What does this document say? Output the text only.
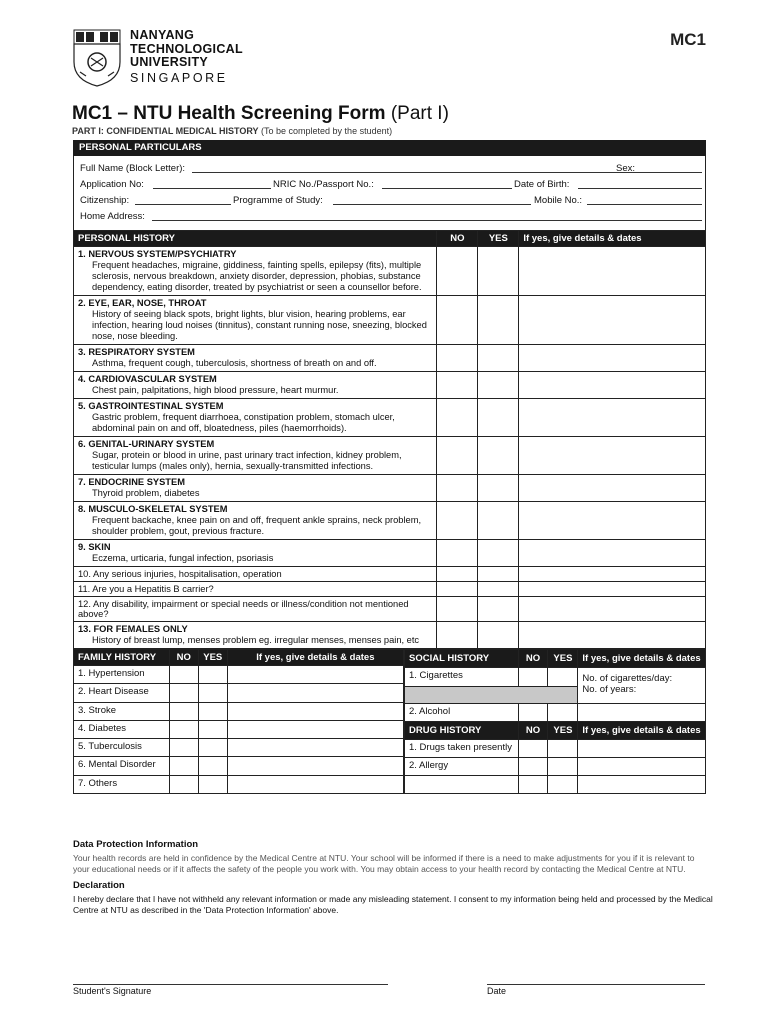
MC1
NANYANG
TECHNOLOGICAL
UNIVERSITY
SINGAPORE
MC1 – NTU Health Screening Form (Part I)
PART I: CONFIDENTIAL MEDICAL HISTORY (To be completed by the student)
PERSONAL PARTICULARS
Full Name (Block Letter):	Sex:
Application No:	NRIC No./Passport No.:	Date of Birth:
Citizenship:	Programme of Study:	Mobile No.:
Home Address:
PERSONAL HISTORY	NO	YES	If yes, give details & dates
1. NERVOUS SYSTEM/PSYCHIATRY
Frequent headaches, migraine, giddiness, fainting spells, epilepsy (fits), multiple sclerosis, nervous breakdown, anxiety disorder, depression, phobias, substance dependency, eating disorder, treated by psychiatrist or seen a counsellor before.			

2. EYE, EAR, NOSE, THROAT
History of seeing black spots, bright lights, blur vision, hearing problems, ear infection, hearing loud noises (tinnitus), constant running nose, sneezing, blocked nose, nose bleeding.			

3. RESPIRATORY SYSTEM
Asthma, frequent cough, tuberculosis, shortness of breath on and off.			

4. CARDIOVASCULAR SYSTEM
Chest pain, palpitations, high blood pressure, heart murmur.			

5. GASTROINTESTINAL SYSTEM
Gastric problem, frequent diarrhoea, constipation problem, stomach ulcer, abdominal pain on and off, bloatedness, piles (haemorrhoids).			

6. GENITAL-URINARY SYSTEM
Sugar, protein or blood in urine, past urinary tract infection, kidney problem, testicular lumps (males only), hernia, sexually-transmitted infections.			

7. ENDOCRINE SYSTEM
Thyroid problem, diabetes			

8. MUSCULO-SKELETAL SYSTEM
Frequent backache, knee pain on and off, frequent ankle sprains, neck problem, shoulder problem, gout, previous fracture.			

9. SKIN
Eczema, urticaria, fungal infection, psoriasis			

10. Any serious injuries, hospitalisation, operation			
11. Are you a Hepatitis B carrier?			
12. Any disability, impairment or special needs or illness/condition not mentioned above?			
13. FOR FEMALES ONLY
History of breast lump, menses problem eg. irregular menses, menses pain, etc			

FAMILY HISTORY	NO	YES	If yes, give details & dates
1. Hypertension			
2. Heart Disease			
3. Stroke			
4. Diabetes			
5. Tuberculosis			
6. Mental Disorder			
7. Others			
SOCIAL HISTORY	NO	YES	If yes, give details & dates
1. Cigarettes			No. of cigarettes/day:
No. of years:

2. Alcohol			
DRUG HISTORY	NO	YES	If yes, give details & dates
1. Drugs taken presently			
2. Allergy			

Data Protection Information
Your health records are held in confidence by the Medical Centre at NTU. Your school will be informed if there is a need to make adjustments for you if it is relevant to your educational needs or if it affects the safety of the people you work with. You may obtain access to your health record by contacting the Medical Centre at NTU.
Declaration
I hereby declare that I have not withheld any relevant information or made any misleading statement. I consent to my information being held and processed by the Medical Centre at NTU as described in the 'Data Protection Information' above.
Student's Signature	Date
